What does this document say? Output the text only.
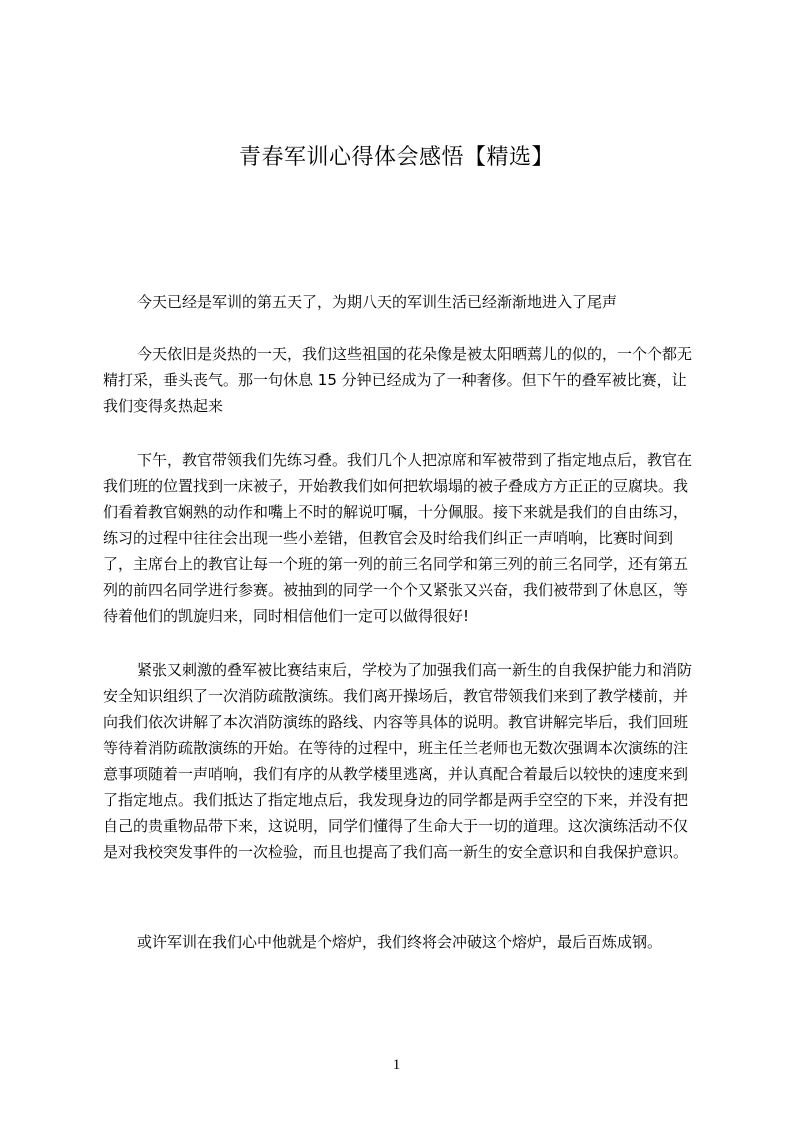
青春军训心得体会感悟【精选】
今天已经是军训的第五天了，为期八天的军训生活已经渐渐地进入了尾声
今天依旧是炎热的一天，我们这些祖国的花朵像是被太阳晒蔫儿的似的，一个个都无精打采，垂头丧气。那一句休息 15 分钟已经成为了一种奢侈。但下午的叠军被比赛，让我们变得炙热起来
下午，教官带领我们先练习叠。我们几个人把凉席和军被带到了指定地点后，教官在我们班的位置找到一床被子，开始教我们如何把软塌塌的被子叠成方方正正的豆腐块。我们看着教官娴熟的动作和嘴上不时的解说叮嘱，十分佩服。接下来就是我们的自由练习，练习的过程中往往会出现一些小差错，但教官会及时给我们纠正一声哨响，比赛时间到了，主席台上的教官让每一个班的第一列的前三名同学和第三列的前三名同学，还有第五列的前四名同学进行参赛。被抽到的同学一个个又紧张又兴奋，我们被带到了休息区，等待着他们的凯旋归来，同时相信他们一定可以做得很好!
紧张又刺激的叠军被比赛结束后，学校为了加强我们高一新生的自我保护能力和消防安全知识组织了一次消防疏散演练。我们离开操场后，教官带领我们来到了教学楼前，并向我们依次讲解了本次消防演练的路线、内容等具体的说明。教官讲解完毕后，我们回班等待着消防疏散演练的开始。在等待的过程中，班主任兰老师也无数次强调本次演练的注意事项随着一声哨响，我们有序的从教学楼里逃离，并认真配合着最后以较快的速度来到了指定地点。我们抵达了指定地点后，我发现身边的同学都是两手空空的下来，并没有把自己的贵重物品带下来，这说明，同学们懂得了生命大于一切的道理。这次演练活动不仅是对我校突发事件的一次检验，而且也提高了我们高一新生的安全意识和自我保护意识。
或许军训在我们心中他就是个熔炉，我们终将会冲破这个熔炉，最后百炼成钢。
1
